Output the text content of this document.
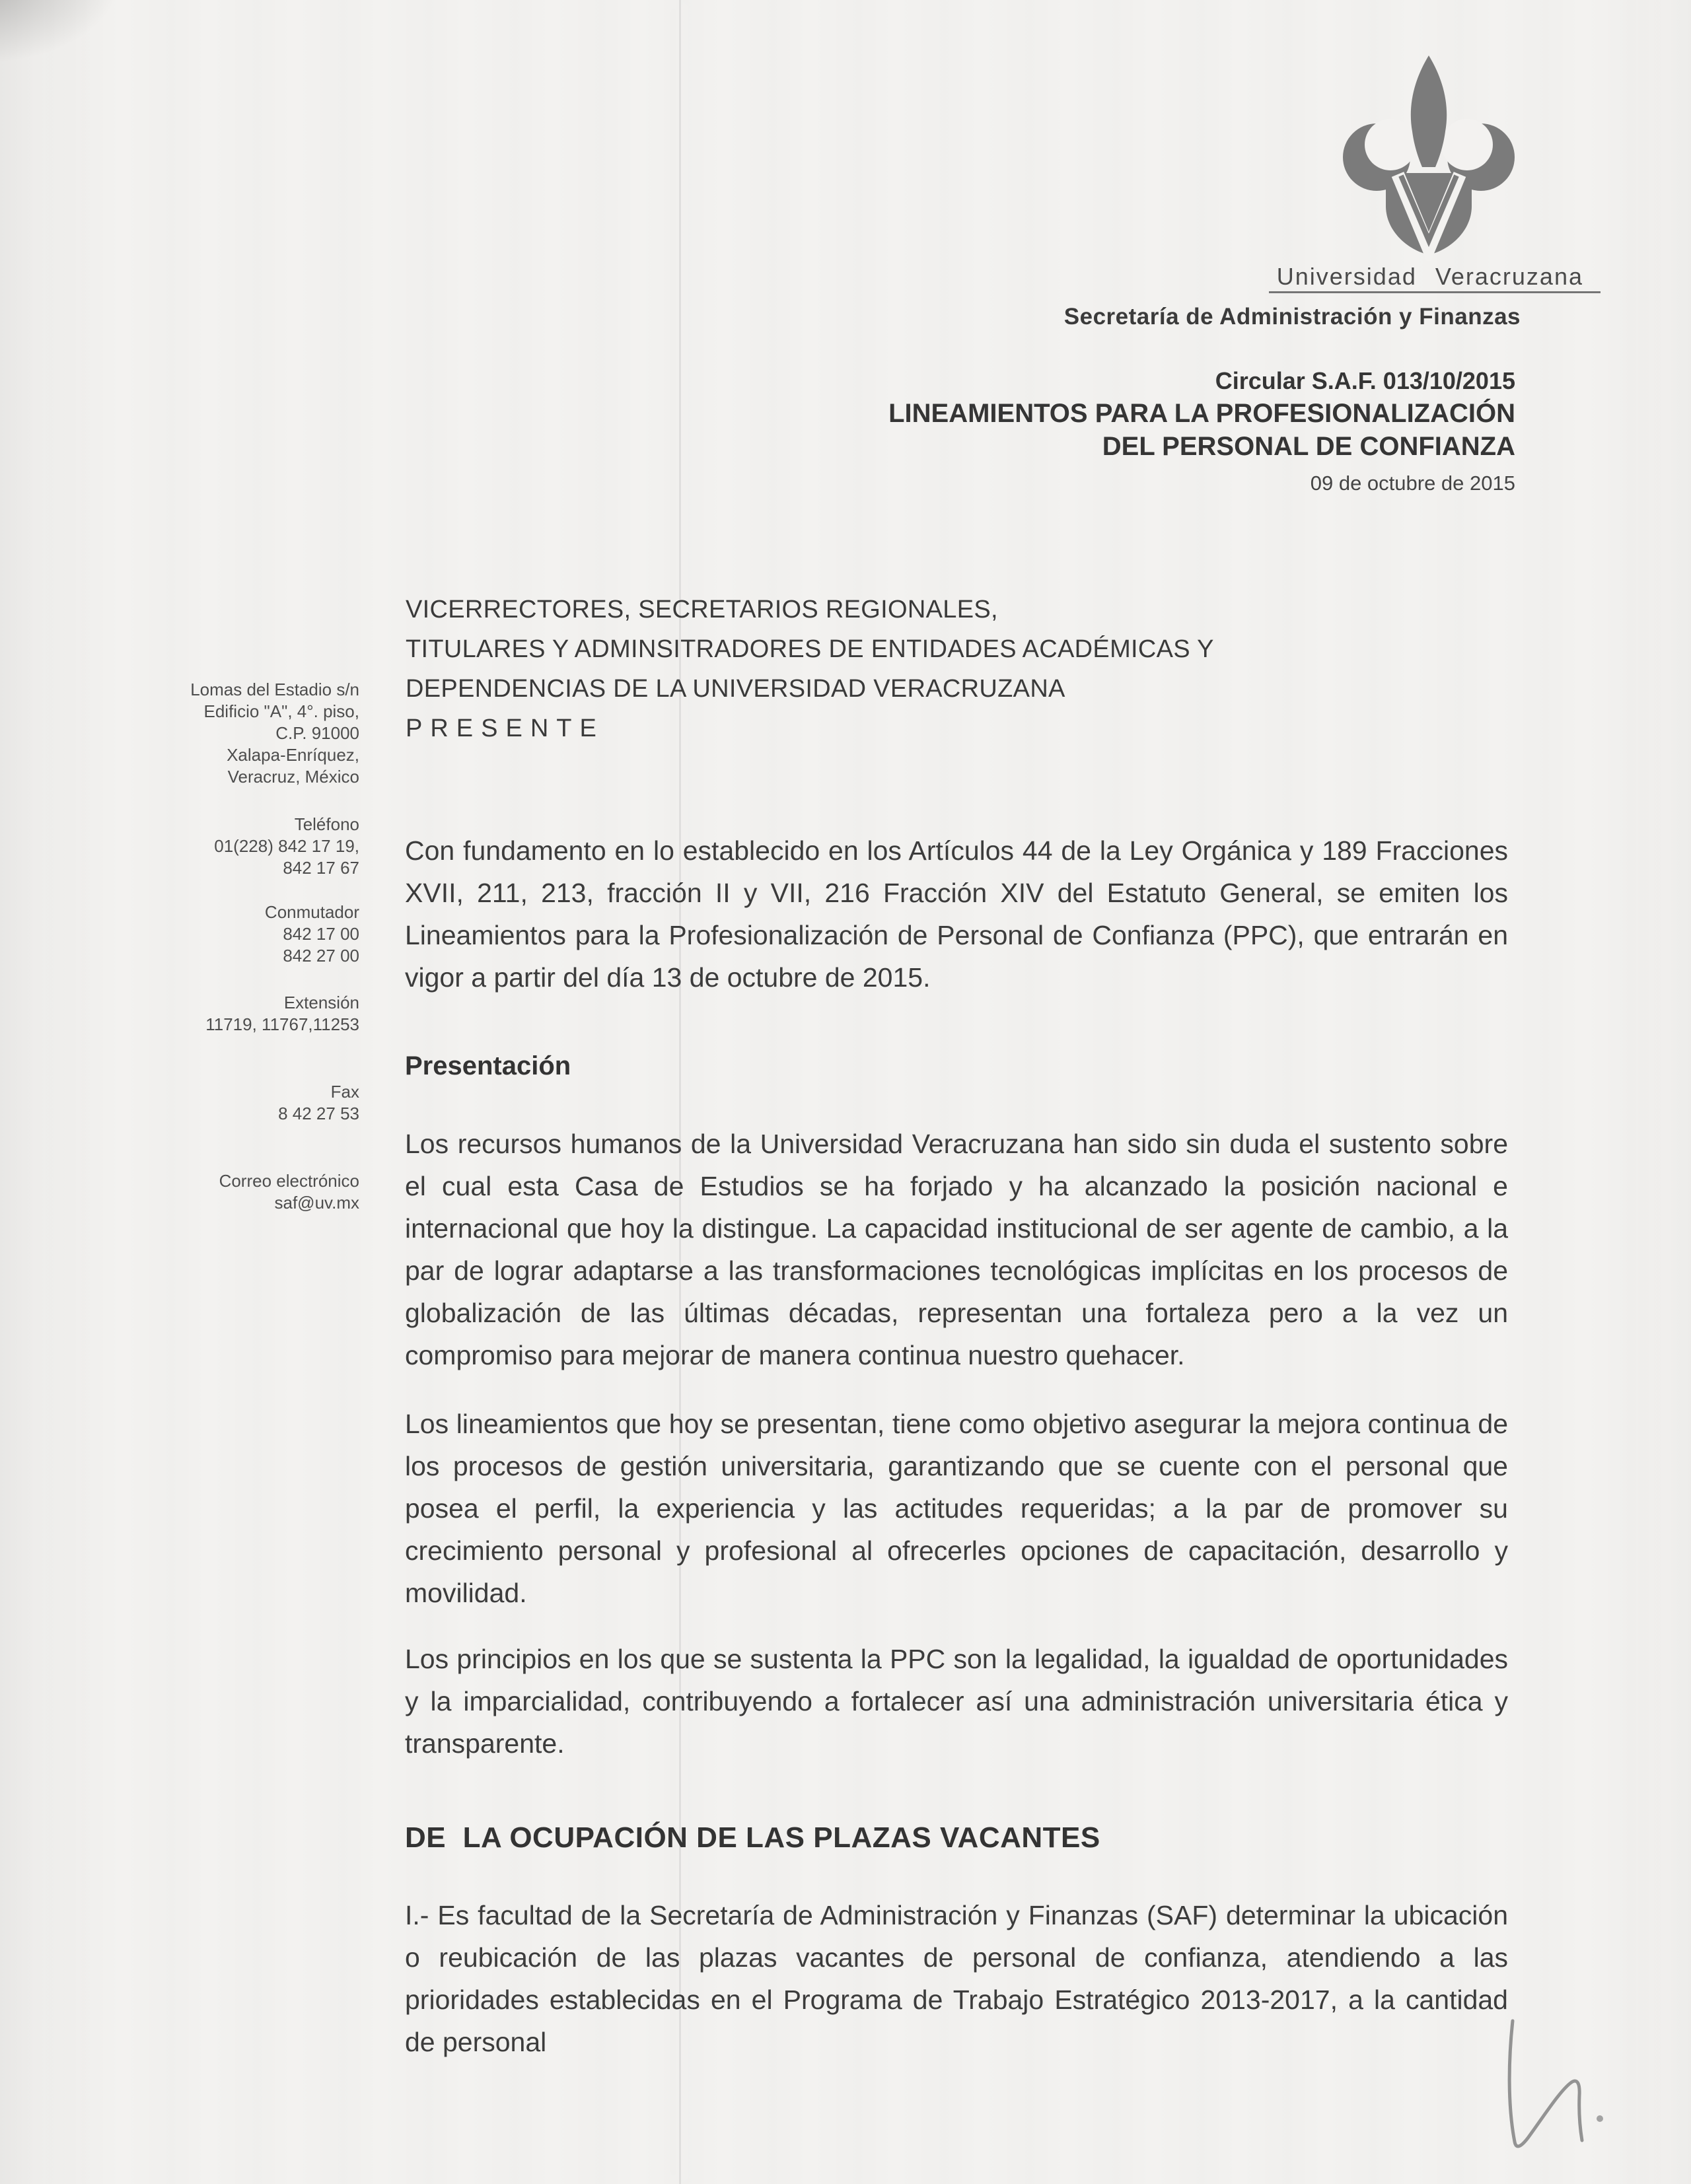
Universidad Veracruzana
Secretaría de Administración y Finanzas
Circular S.A.F. 013/10/2015
LINEAMIENTOS PARA LA PROFESIONALIZACIÓN
DEL PERSONAL DE CONFIANZA
09 de octubre de 2015
VICERRECTORES, SECRETARIOS REGIONALES,
TITULARES Y ADMINSITRADORES DE ENTIDADES ACADÉMICAS Y
DEPENDENCIAS DE LA UNIVERSIDAD VERACRUZANA
PRESENTE
Lomas del Estadio s/n
Edificio "A", 4°. piso,
C.P. 91000
Xalapa-Enríquez,
Veracruz, México
Teléfono
01(228) 842 17 19,
842 17 67
Conmutador
842 17 00
842 27 00
Extensión
11719, 11767,11253
Fax
8 42 27 53
Correo electrónico
saf@uv.mx
Con fundamento en lo establecido en los Artículos 44 de la Ley Orgánica y 189 Fracciones XVII, 211, 213, fracción II y VII, 216 Fracción XIV del Estatuto General, se emiten los Lineamientos para la Profesionalización de Personal de Confianza (PPC), que entrarán en vigor a partir del día 13 de octubre de 2015.
Presentación
Los recursos humanos de la Universidad Veracruzana han sido sin duda el sustento sobre el cual esta Casa de Estudios se ha forjado y ha alcanzado la posición nacional e internacional que hoy la distingue. La capacidad institucional de ser agente de cambio, a la par de lograr adaptarse a las transformaciones tecnológicas implícitas en los procesos de globalización de las últimas décadas, representan una fortaleza pero a la vez un compromiso para mejorar de manera continua nuestro quehacer.
Los lineamientos que hoy se presentan, tiene como objetivo asegurar la mejora continua de los procesos de gestión universitaria, garantizando que se cuente con el personal que posea el perfil, la experiencia y las actitudes requeridas; a la par de promover su crecimiento personal y profesional al ofrecerles opciones de capacitación, desarrollo y movilidad.
Los principios en los que se sustenta la PPC son la legalidad, la igualdad de oportunidades y la imparcialidad, contribuyendo a fortalecer así una administración universitaria ética y transparente.
DE  LA OCUPACIÓN DE LAS PLAZAS VACANTES
I.- Es facultad de la Secretaría de Administración y Finanzas (SAF) determinar la ubicación o reubicación de las plazas vacantes de personal de confianza, atendiendo a las prioridades establecidas en el Programa de Trabajo Estratégico 2013-2017, a la cantidad de personal
